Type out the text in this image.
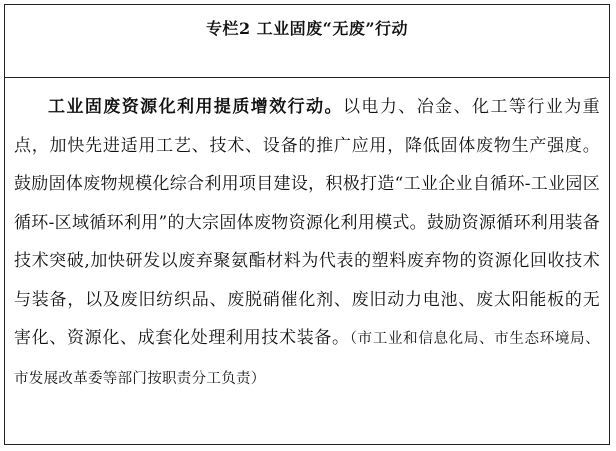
专栏2 工业固废“无废”行动

工业固废资源化利用提质增效行动。以电力、冶金、化工等行业为重点，加快先进适用工艺、技术、设备的推广应用，降低固体废物生产强度。鼓励固体废物规模化综合利用项目建设，积极打造“工业企业自循环-工业园区循环-区域循环利用”的大宗固体废物资源化利用模式。鼓励资源循环利用装备技术突破,加快研发以废弃聚氨酯材料为代表的塑料废弃物的资源化回收技术与装备，以及废旧纺织品、废脱硝催化剂、废旧动力电池、废太阳能板的无害化、资源化、成套化处理利用技术装备。（市工业和信息化局、市生态环境局、市发展改革委等部门按职责分工负责）
